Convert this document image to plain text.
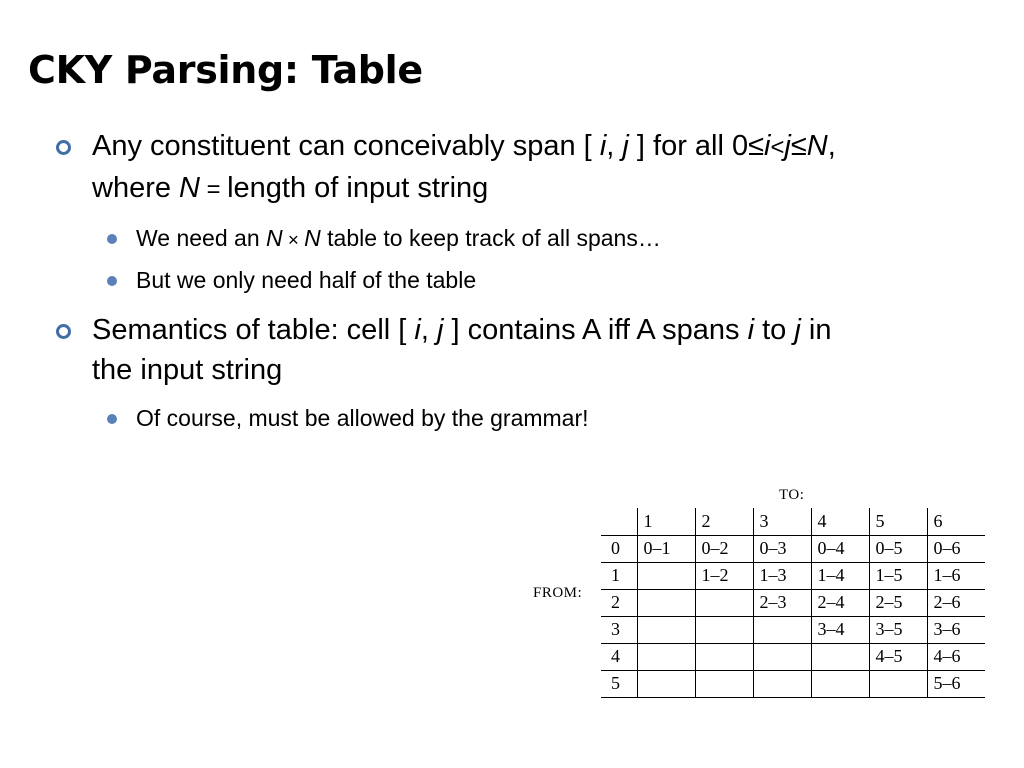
CKY Parsing: Table
Any constituent can conceivably span [ i, j ] for all 0≤i<j≤N,
where N = length of input string
We need an N × N table to keep track of all spans…
But we only need half of the table
Semantics of table: cell [ i, j ] contains A iff A spans i to j in
the input string
Of course, must be allowed by the grammar!
TO:
FROM:
	1	2	3	4	5	6
0	0–1	0–2	0–3	0–4	0–5	0–6
1		1–2	1–3	1–4	1–5	1–6
2			2–3	2–4	2–5	2–6
3				3–4	3–5	3–6
4					4–5	4–6
5						5–6
